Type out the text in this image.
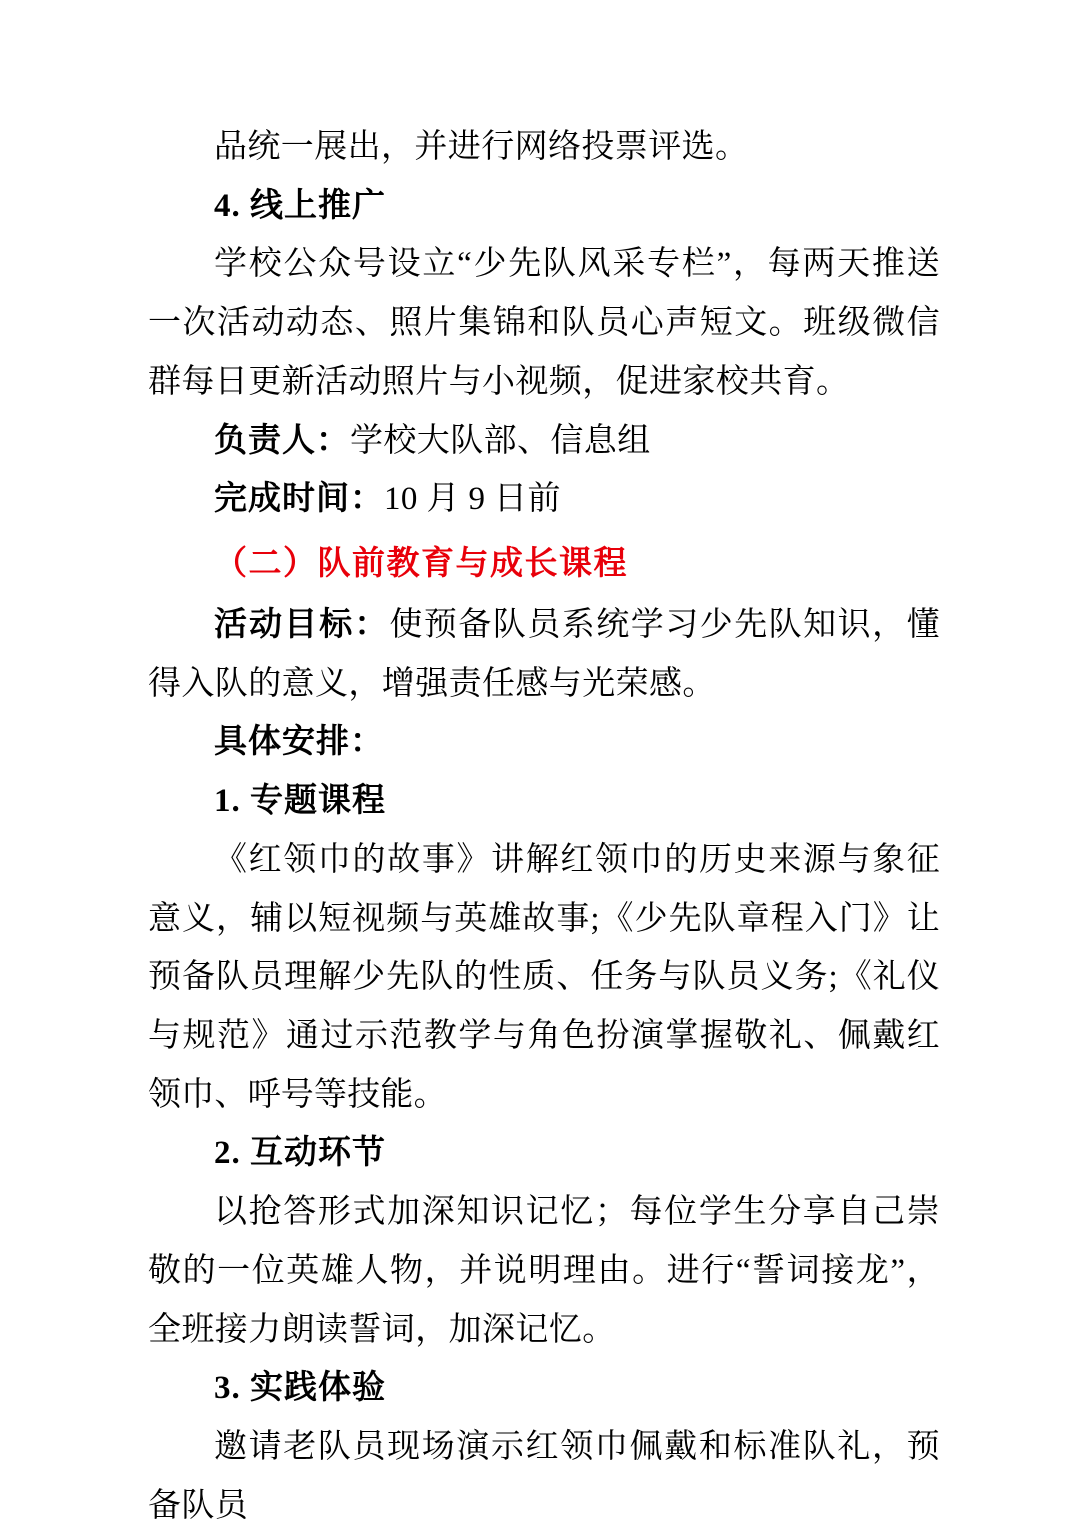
品统一展出，并进行网络投票评选。

4. 线上推广

学校公众号设立“少先队风采专栏”，每两天推送一次活动动态、照片集锦和队员心声短文。班级微信群每日更新活动照片与小视频，促进家校共育。

负责人：学校大队部、信息组

完成时间：10 月 9 日前

（二）队前教育与成长课程

活动目标：使预备队员系统学习少先队知识，懂得入队的意义，增强责任感与光荣感。

具体安排：

1. 专题课程

《红领巾的故事》讲解红领巾的历史来源与象征意义，辅以短视频与英雄故事;《少先队章程入门》让预备队员理解少先队的性质、任务与队员义务;《礼仪与规范》通过示范教学与角色扮演掌握敬礼、佩戴红领巾、呼号等技能。

2. 互动环节

以抢答形式加深知识记忆；每位学生分享自己崇敬的一位英雄人物，并说明理由。进行“誓词接龙”，全班接力朗读誓词，加深记忆。

3. 实践体验

邀请老队员现场演示红领巾佩戴和标准队礼，预备队员
